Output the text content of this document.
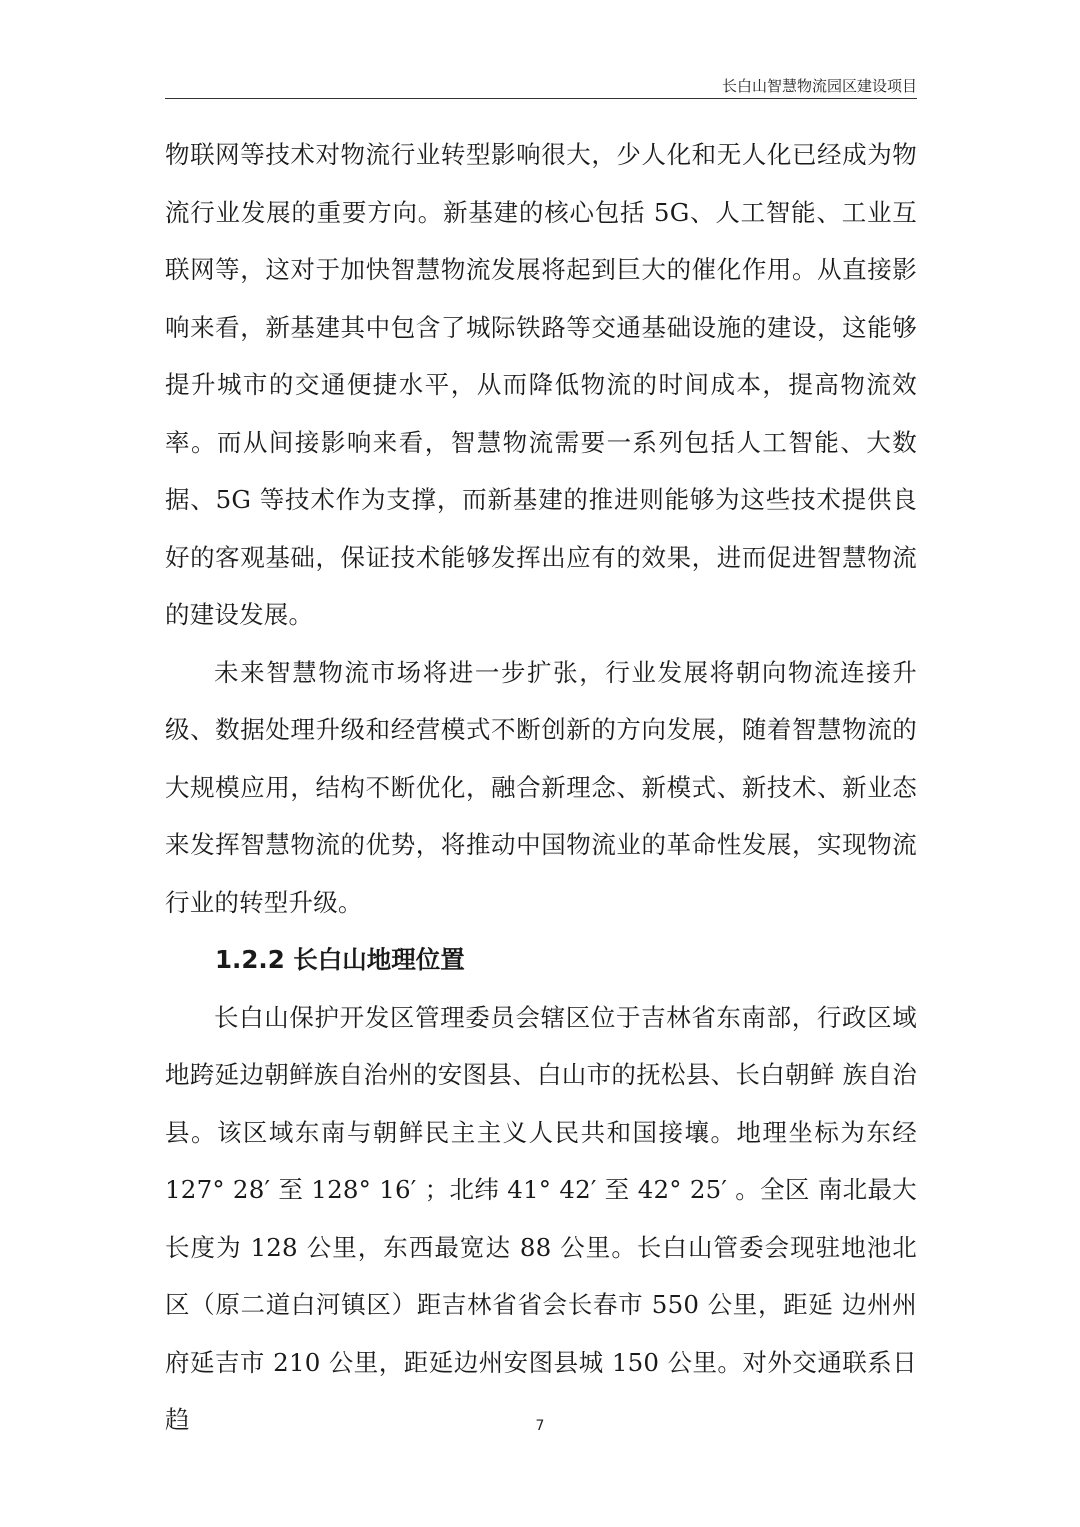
长白山智慧物流园区建设项目

物联网等技术对物流行业转型影响很大，少人化和无人化已经成为物流行业发展的重要方向。新基建的核心包括 5G、人工智能、工业互联网等，这对于加快智慧物流发展将起到巨大的催化作用。从直接影响来看，新基建其中包含了城际铁路等交通基础设施的建设，这能够提升城市的交通便捷水平，从而降低物流的时间成本，提高物流效率。而从间接影响来看，智慧物流需要一系列包括人工智能、大数据、5G 等技术作为支撑，而新基建的推进则能够为这些技术提供良好的客观基础，保证技术能够发挥出应有的效果，进而促进智慧物流的建设发展。

未来智慧物流市场将进一步扩张，行业发展将朝向物流连接升级、数据处理升级和经营模式不断创新的方向发展，随着智慧物流的大规模应用，结构不断优化，融合新理念、新模式、新技术、新业态来发挥智慧物流的优势，将推动中国物流业的革命性发展，实现物流行业的转型升级。

1.2.2 长白山地理位置

长白山保护开发区管理委员会辖区位于吉林省东南部，行政区域地跨延边朝鲜族自治州的安图县、白山市的抚松县、长白朝鲜 族自治县。该区域东南与朝鲜民主主义人民共和国接壤。地理坐标为东经 127° 28′ 至 128° 16′ ；北纬 41° 42′ 至 42° 25′ 。全区 南北最大长度为 128 公里，东西最宽达 88 公里。长白山管委会现驻地池北区（原二道白河镇区）距吉林省省会长春市 550 公里，距延 边州州府延吉市 210 公里，距延边州安图县城 150 公里。对外交通联系日趋	7
